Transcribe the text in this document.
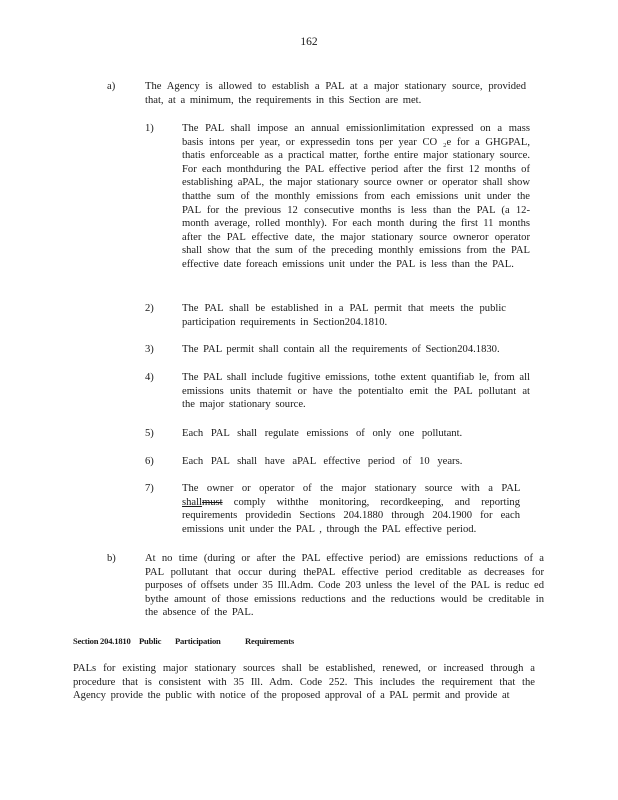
162
a)	The Agency is allowed to establish a PAL at a major stationary source, provided that, at a minimum, the requirements in this Section are met.
1)	The PAL shall impose an annual emissionlimitation expressed on a mass basis intons per year, or expressedin tons per year CO ₂e for a GHGPAL, thatis enforceable as a practical matter, forthe entire major stationary source. For each monthduring the PAL effective period after the first 12 months of establishing aPAL, the major stationary source owner or operator shall show thatthe sum of the monthly emissions from each emissions unit under the PAL for the previous 12 consecutive months is less than the PAL (a 12-month average, rolled monthly). For each month during the first 11 months after the PAL effective date, the major stationary source owneror operator shall show that the sum of the preceding monthly emissions from the PAL effective date foreach emissions unit under the PAL is less than the PAL.
2)	The PAL shall be established in a PAL permit that meets the public participation requirements in Section204.1810.
3)	The PAL permit shall contain all the requirements of Section204.1830.
4)	The PAL shall include fugitive emissions, tothe extent quantifiab le, from all emissions units thatemit or have the potentialto emit the PAL pollutant at the major stationary source.
5)	Each PAL shall regulate emissions of only one pollutant.
6)	Each PAL shall have aPAL effective period of 10 years.
7)	The owner or operator of the major stationary source with a PAL shallmust comply withthe monitoring, recordkeeping, and reporting requirements providedin Sections 204.1880 through 204.1900 for each emissions unit under the PAL , through the PAL effective period.
b)	At no time (during or after the PAL effective period) are emissions reductions of a PAL pollutant that occur during thePAL effective period creditable as decreases for purposes of offsets under 35 Ill.Adm. Code 203 unless the level of the PAL is reduc ed bythe amount of those emissions reductions and the reductions would be creditable in the absence of the PAL.
Section 204.1810 Public Participation	Requirements
PALs for existing major stationary sources shall be established, renewed, or increased through a procedure that is consistent with 35 Ill. Adm. Code 252. This includes the requirement that the Agency provide the public with notice of the proposed approval of a PAL permit and provide at
